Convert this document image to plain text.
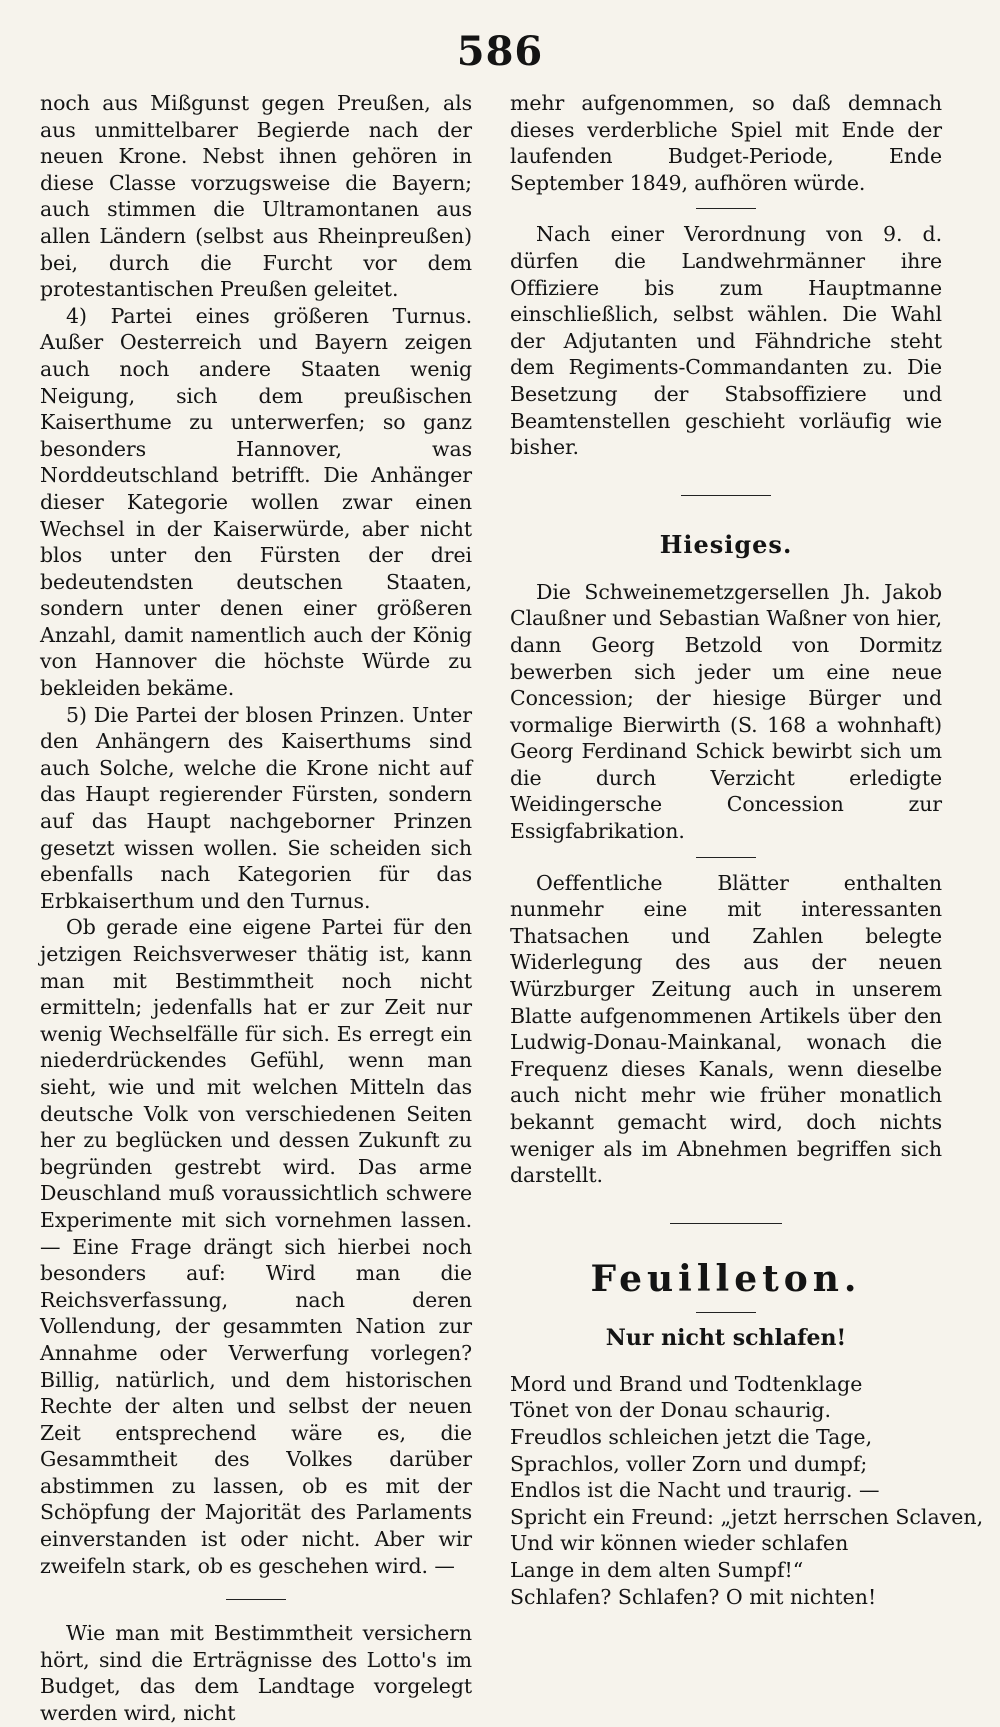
586

noch aus Mißgunst gegen Preußen, als aus unmittelbarer Begierde nach der neuen Krone. Nebst ihnen gehören in diese Classe vorzugsweise die Bayern; auch stimmen die Ultramontanen aus allen Ländern (selbst aus Rheinpreußen) bei, durch die Furcht vor dem protestantischen Preußen geleitet.

4) Partei eines größeren Turnus. Außer Oesterreich und Bayern zeigen auch noch andere Staaten wenig Neigung, sich dem preußischen Kaiserthume zu unterwerfen; so ganz besonders Hannover, was Norddeutschland betrifft. Die Anhänger dieser Kategorie wollen zwar einen Wechsel in der Kaiserwürde, aber nicht blos unter den Fürsten der drei bedeutendsten deutschen Staaten, sondern unter denen einer größeren Anzahl, damit namentlich auch der König von Hannover die höchste Würde zu bekleiden bekäme.

5) Die Partei der blosen Prinzen. Unter den Anhängern des Kaiserthums sind auch Solche, welche die Krone nicht auf das Haupt regierender Fürsten, sondern auf das Haupt nachgeborner Prinzen gesetzt wissen wollen. Sie scheiden sich ebenfalls nach Kategorien für das Erbkaiserthum und den Turnus.

Ob gerade eine eigene Partei für den jetzigen Reichsverweser thätig ist, kann man mit Bestimmtheit noch nicht ermitteln; jedenfalls hat er zur Zeit nur wenig Wechselfälle für sich. Es erregt ein niederdrückendes Gefühl, wenn man sieht, wie und mit welchen Mitteln das deutsche Volk von verschiedenen Seiten her zu beglücken und dessen Zukunft zu begründen gestrebt wird. Das arme Deuschland muß voraussichtlich schwere Experimente mit sich vornehmen lassen. — Eine Frage drängt sich hierbei noch besonders auf: Wird man die Reichsverfassung, nach deren Vollendung, der gesammten Nation zur Annahme oder Verwerfung vorlegen? Billig, natürlich, und dem historischen Rechte der alten und selbst der neuen Zeit entsprechend wäre es, die Gesammtheit des Volkes darüber abstimmen zu lassen, ob es mit der Schöpfung der Majorität des Parlaments einverstanden ist oder nicht. Aber wir zweifeln stark, ob es geschehen wird. —

Wie man mit Bestimmtheit versichern hört, sind die Erträgnisse des Lotto's im Budget, das dem Landtage vorgelegt werden wird, nicht

mehr aufgenommen, so daß demnach dieses verderbliche Spiel mit Ende der laufenden Budget-Periode, Ende September 1849, aufhören würde.

Nach einer Verordnung von 9. d. dürfen die Landwehrmänner ihre Offiziere bis zum Hauptmanne einschließlich, selbst wählen. Die Wahl der Adjutanten und Fähndriche steht dem Regiments-Commandanten zu. Die Besetzung der Stabsoffiziere und Beamtenstellen geschieht vorläufig wie bisher.

Hiesiges.

Die Schweinemetzgersellen Jh. Jakob Claußner und Sebastian Waßner von hier, dann Georg Betzold von Dormitz bewerben sich jeder um eine neue Concession; der hiesige Bürger und vormalige Bierwirth (S. 168 a wohnhaft) Georg Ferdinand Schick bewirbt sich um die durch Verzicht erledigte Weidingersche Concession zur Essigfabrikation.

Oeffentliche Blätter enthalten nunmehr eine mit interessanten Thatsachen und Zahlen belegte Widerlegung des aus der neuen Würzburger Zeitung auch in unserem Blatte aufgenommenen Artikels über den Ludwig-Donau-Mainkanal, wonach die Frequenz dieses Kanals, wenn dieselbe auch nicht mehr wie früher monatlich bekannt gemacht wird, doch nichts weniger als im Abnehmen begriffen sich darstellt.

Feuilleton.
Nur nicht schlafen!

Mord und Brand und Todtenklage

Tönet von der Donau schaurig.

Freudlos schleichen jetzt die Tage,

Sprachlos, voller Zorn und dumpf;

Endlos ist die Nacht und traurig. —

Spricht ein Freund: „jetzt herrschen Sclaven,

Und wir können wieder schlafen

Lange in dem alten Sumpf!“

Schlafen? Schlafen? O mit nichten!
